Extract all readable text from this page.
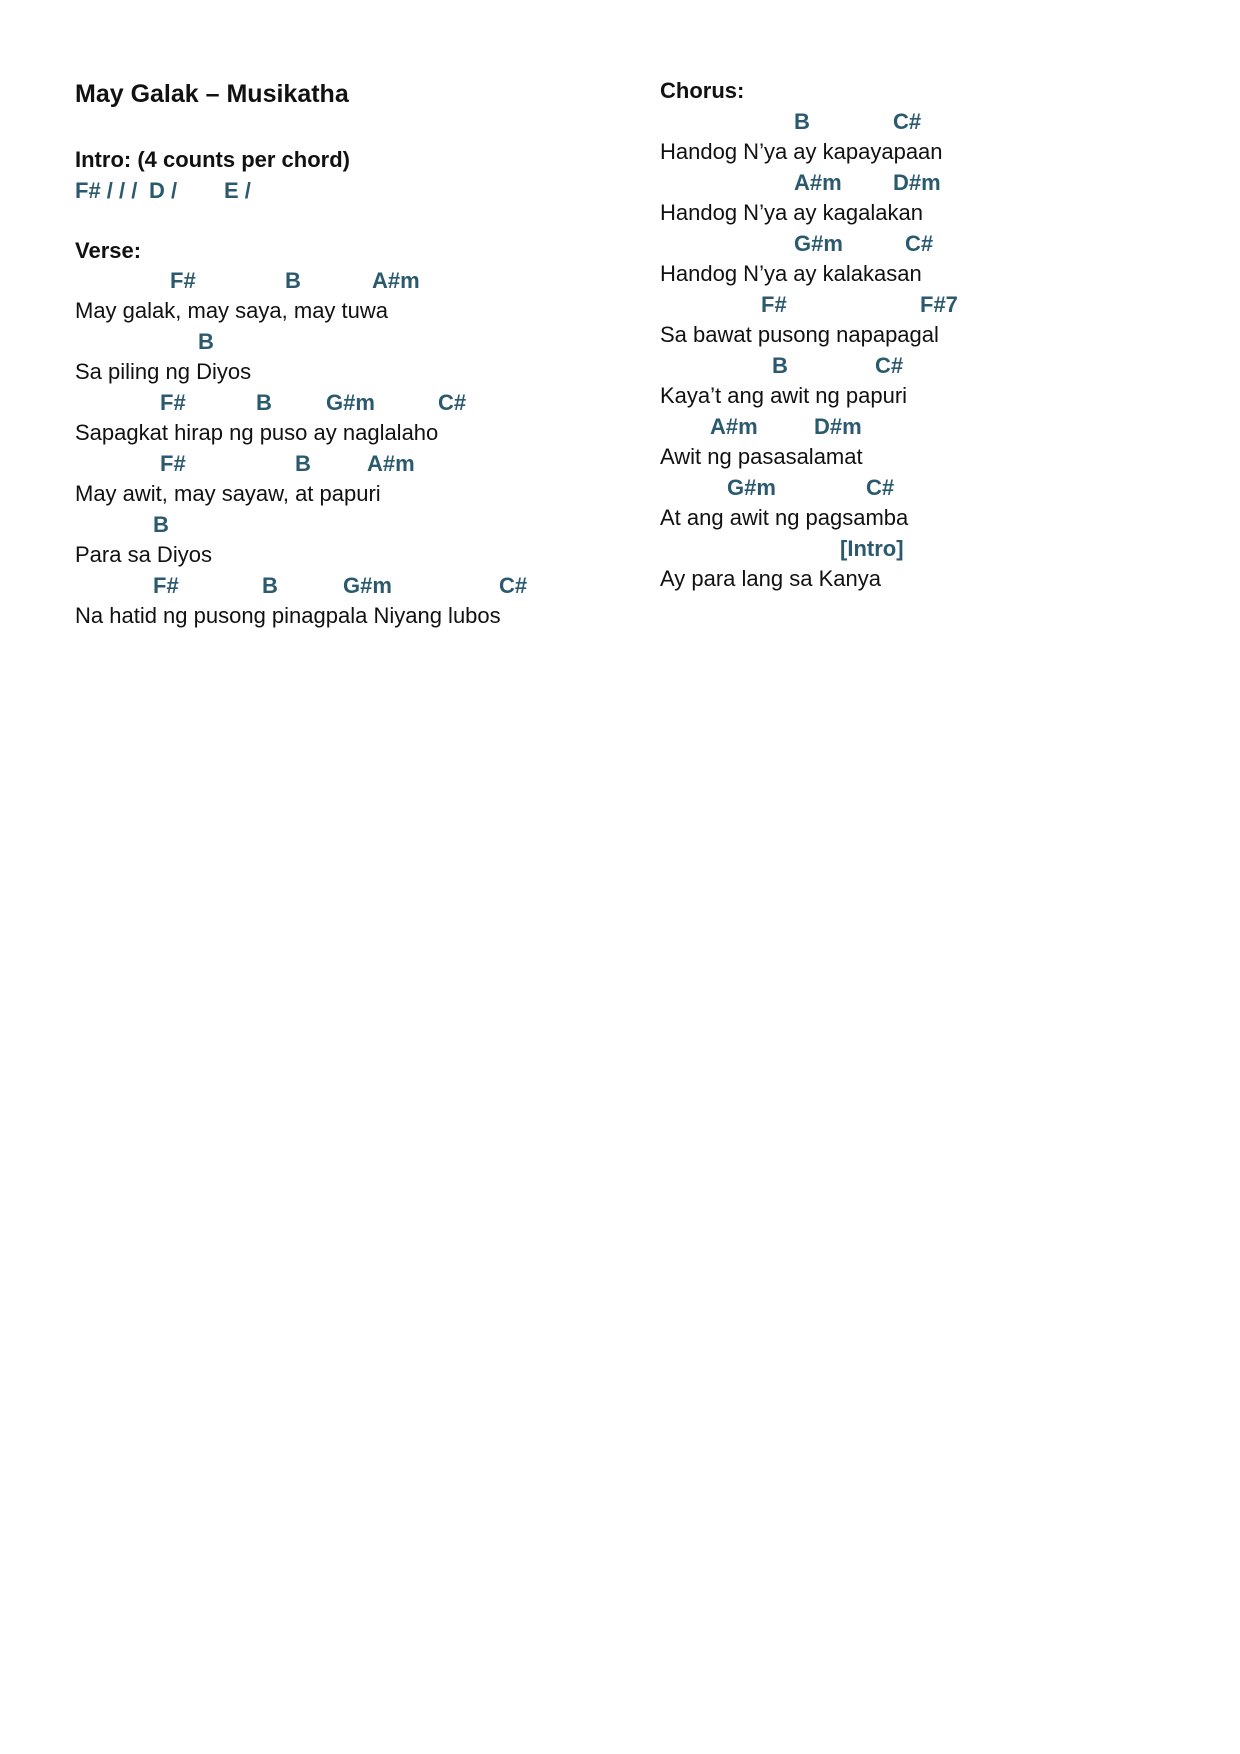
May Galak – Musikatha
Intro: (4 counts per chord)
F# / / / D / E /
Verse:
F#	B	A#m
May galak, may saya, may tuwa
B
Sa piling ng Diyos
F#	B G#m	C#
Sapagkat hirap ng puso ay naglalaho
F#	B	A#m
May awit, may sayaw, at papuri
B
Para sa Diyos
F#	B	G#m	C#
Na hatid ng pusong pinagpala Niyang lubos
Chorus:
B	C#
Handog N’ya ay kapayapaan
A#m D#m
Handog N’ya ay kagalakan
G#m	C#
Handog N’ya ay kalakasan
F#	F#7
Sa bawat pusong napapagal
B	C#
Kaya’t ang awit ng papuri
A#m	D#m
Awit ng pasasalamat
G#m	C#
At ang awit ng pagsamba
[Intro]
Ay para lang sa Kanya
